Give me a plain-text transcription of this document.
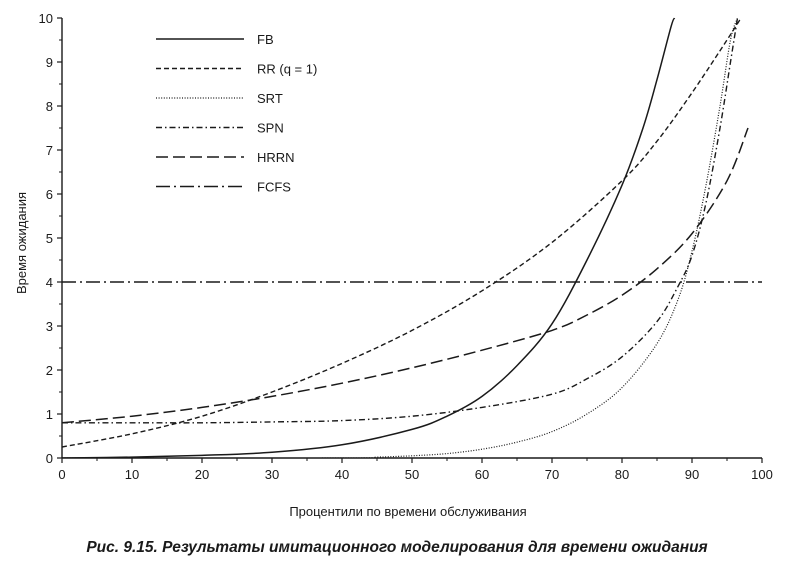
0	10	20	30	40	50	60	70	80	90	100
0
1
2
3
4
5
6
7
8
9
10
FB
RR (q = 1)
SRT
SPN
HRRN
FCFS
Процентили по времени обслуживания
Время ожидания
Рис. 9.15. Результаты имитационного моделирования для времени ожидания
